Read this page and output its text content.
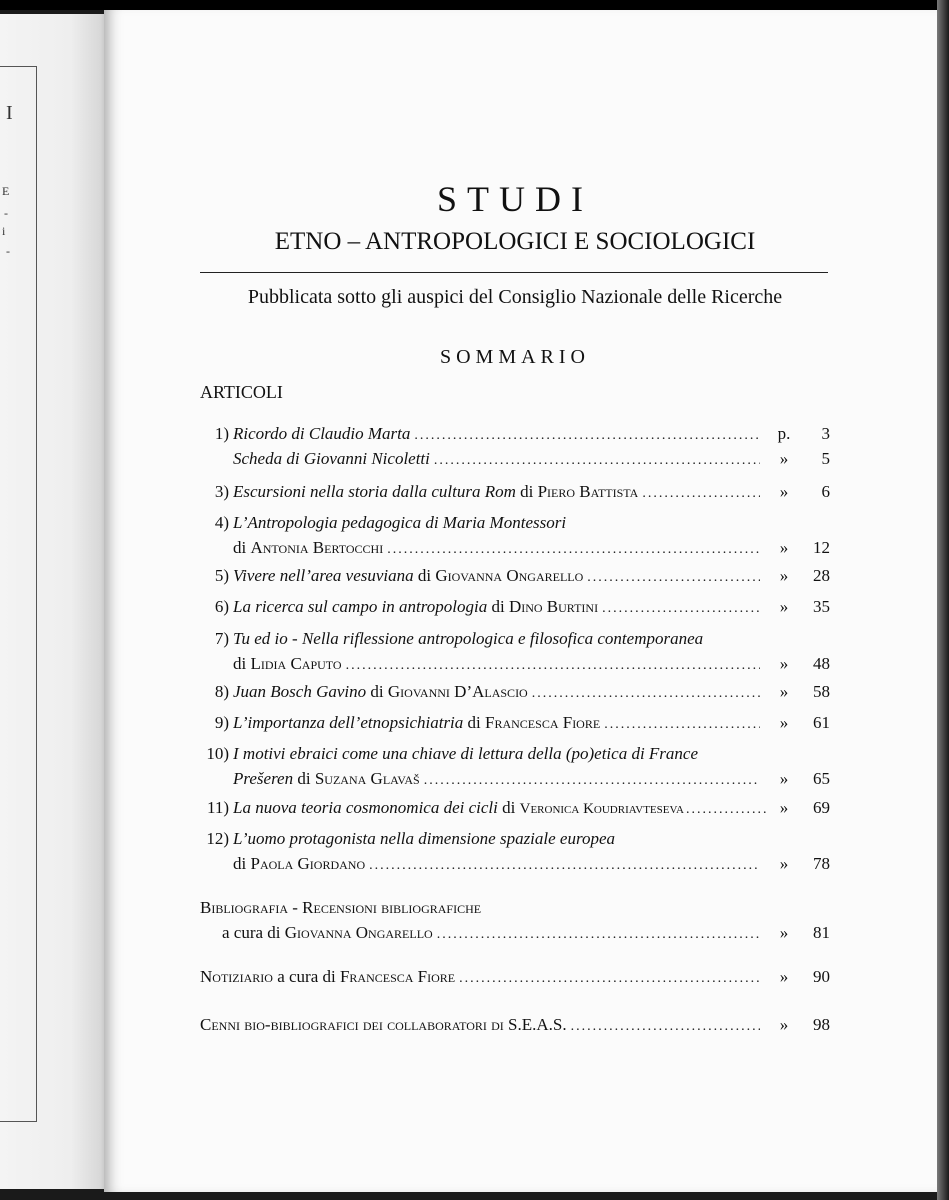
I
E
-
i
-
STUDI
ETNO – ANTROPOLOGICI E SOCIOLOGICI
Pubblicata sotto gli auspici del Consiglio Nazionale delle Ricerche
SOMMARIO
ARTICOLI
1) Ricordo di Claudio Marta .....	p.	3
Scheda di Giovanni Nicoletti .....	»	5
3) Escursioni nella storia dalla cultura Rom di Piero Battista .....	»	6
4) L’Antropologia pedagogica di Maria Montessori
di Antonia Bertocchi .....	»	12
5) Vivere nell’area vesuviana di Giovanna Ongarello .....	»	28
6) La ricerca sul campo in antropologia di Dino Burtini .....	»	35
7) Tu ed io - Nella riflessione antropologica e filosofica contemporanea
di Lidia Caputo .....	»	48
8) Juan Bosch Gavino di Giovanni D’Alascio .....	»	58
9) L’importanza dell’etnopsichiatria di Francesca Fiore .....	»	61
10) I motivi ebraici come una chiave di lettura della (po)etica di France
Prešeren di Suzana Glavaš .....	»	65
11) La nuova teoria cosmonomica dei cicli di Veronica Koudriavteseva .....	»	69
12) L’uomo protagonista nella dimensione spaziale europea
di Paola Giordano .....	»	78
Bibliografia - Recensioni bibliografiche
a cura di Giovanna Ongarello .....	»	81
Notiziario a cura di Francesca Fiore .....	»	90
Cenni bio-bibliografici dei collaboratori di S.E.A.S. .....	»	98
